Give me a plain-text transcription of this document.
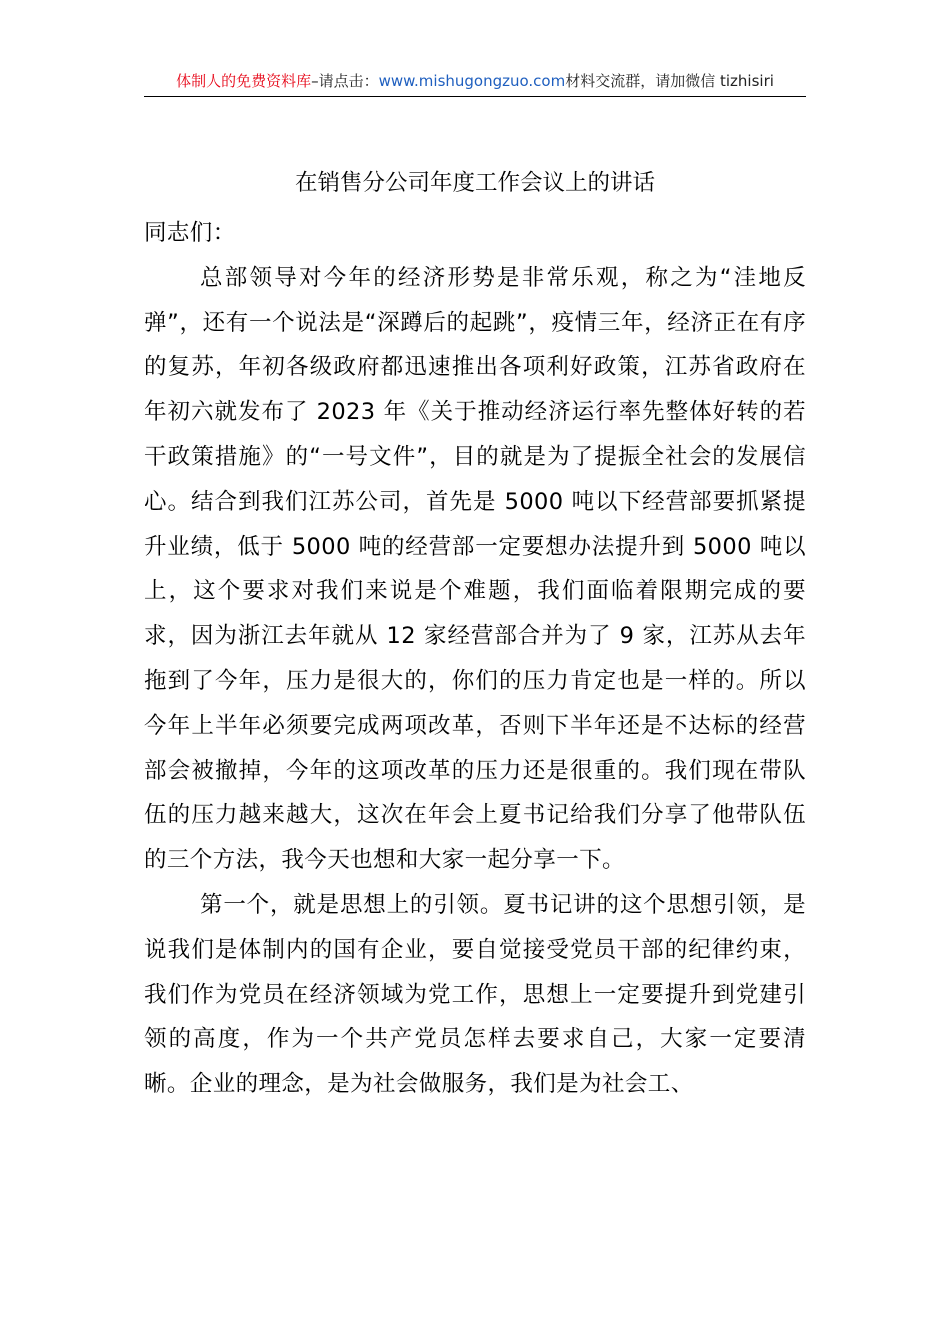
体制人的免费资料库–请点击：www.mishugongzuo.com材料交流群，请加微信 tizhisiri
在销售分公司年度工作会议上的讲话

同志们：

总部领导对今年的经济形势是非常乐观，称之为“洼地反弹”，还有一个说法是“深蹲后的起跳”，疫情三年，经济正在有序的复苏，年初各级政府都迅速推出各项利好政策，江苏省政府在年初六就发布了 2023 年《关于推动经济运行率先整体好转的若干政策措施》的“一号文件”，目的就是为了提振全社会的发展信心。结合到我们江苏公司，首先是 5000 吨以下经营部要抓紧提升业绩，低于 5000 吨的经营部一定要想办法提升到 5000 吨以上，这个要求对我们来说是个难题，我们面临着限期完成的要求，因为浙江去年就从 12 家经营部合并为了 9 家，江苏从去年拖到了今年，压力是很大的，你们的压力肯定也是一样的。所以今年上半年必须要完成两项改革，否则下半年还是不达标的经营部会被撤掉，今年的这项改革的压力还是很重的。我们现在带队伍的压力越来越大，这次在年会上夏书记给我们分享了他带队伍的三个方法，我今天也想和大家一起分享一下。

第一个，就是思想上的引领。夏书记讲的这个思想引领，是说我们是体制内的国有企业，要自觉接受党员干部的纪律约束，我们作为党员在经济领域为党工作，思想上一定要提升到党建引领的高度，作为一个共产党员怎样去要求自己，大家一定要清晰。企业的理念，是为社会做服务，我们是为社会工、
